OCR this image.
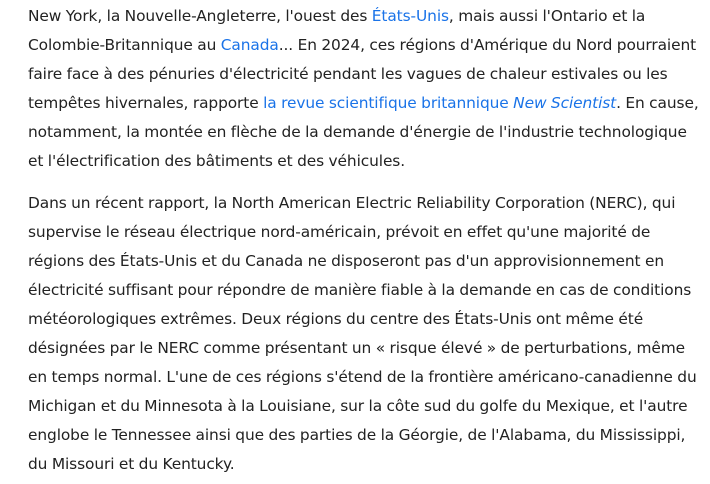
New York, la Nouvelle-Angleterre, l'ouest des États-Unis, mais aussi l'Ontario et la Colombie-Britannique au Canada... En 2024, ces régions d'Amérique du Nord pourraient faire face à des pénuries d'électricité pendant les vagues de chaleur estivales ou les tempêtes hivernales, rapporte la revue scientifique britannique New Scientist. En cause, notamment, la montée en flèche de la demande d'énergie de l'industrie technologique et l'électrification des bâtiments et des véhicules.

Dans un récent rapport, la North American Electric Reliability Corporation (NERC), qui supervise le réseau électrique nord-américain, prévoit en effet qu'une majorité de régions des États-Unis et du Canada ne disposeront pas d'un approvisionnement en électricité suffisant pour répondre de manière fiable à la demande en cas de conditions météorologiques extrêmes. Deux régions du centre des États-Unis ont même été désignées par le NERC comme présentant un « risque élevé » de perturbations, même en temps normal. L'une de ces régions s'étend de la frontière américano-canadienne du Michigan et du Minnesota à la Louisiane, sur la côte sud du golfe du Mexique, et l'autre englobe le Tennessee ainsi que des parties de la Géorgie, de l'Alabama, du Mississippi, du Missouri et du Kentucky.
